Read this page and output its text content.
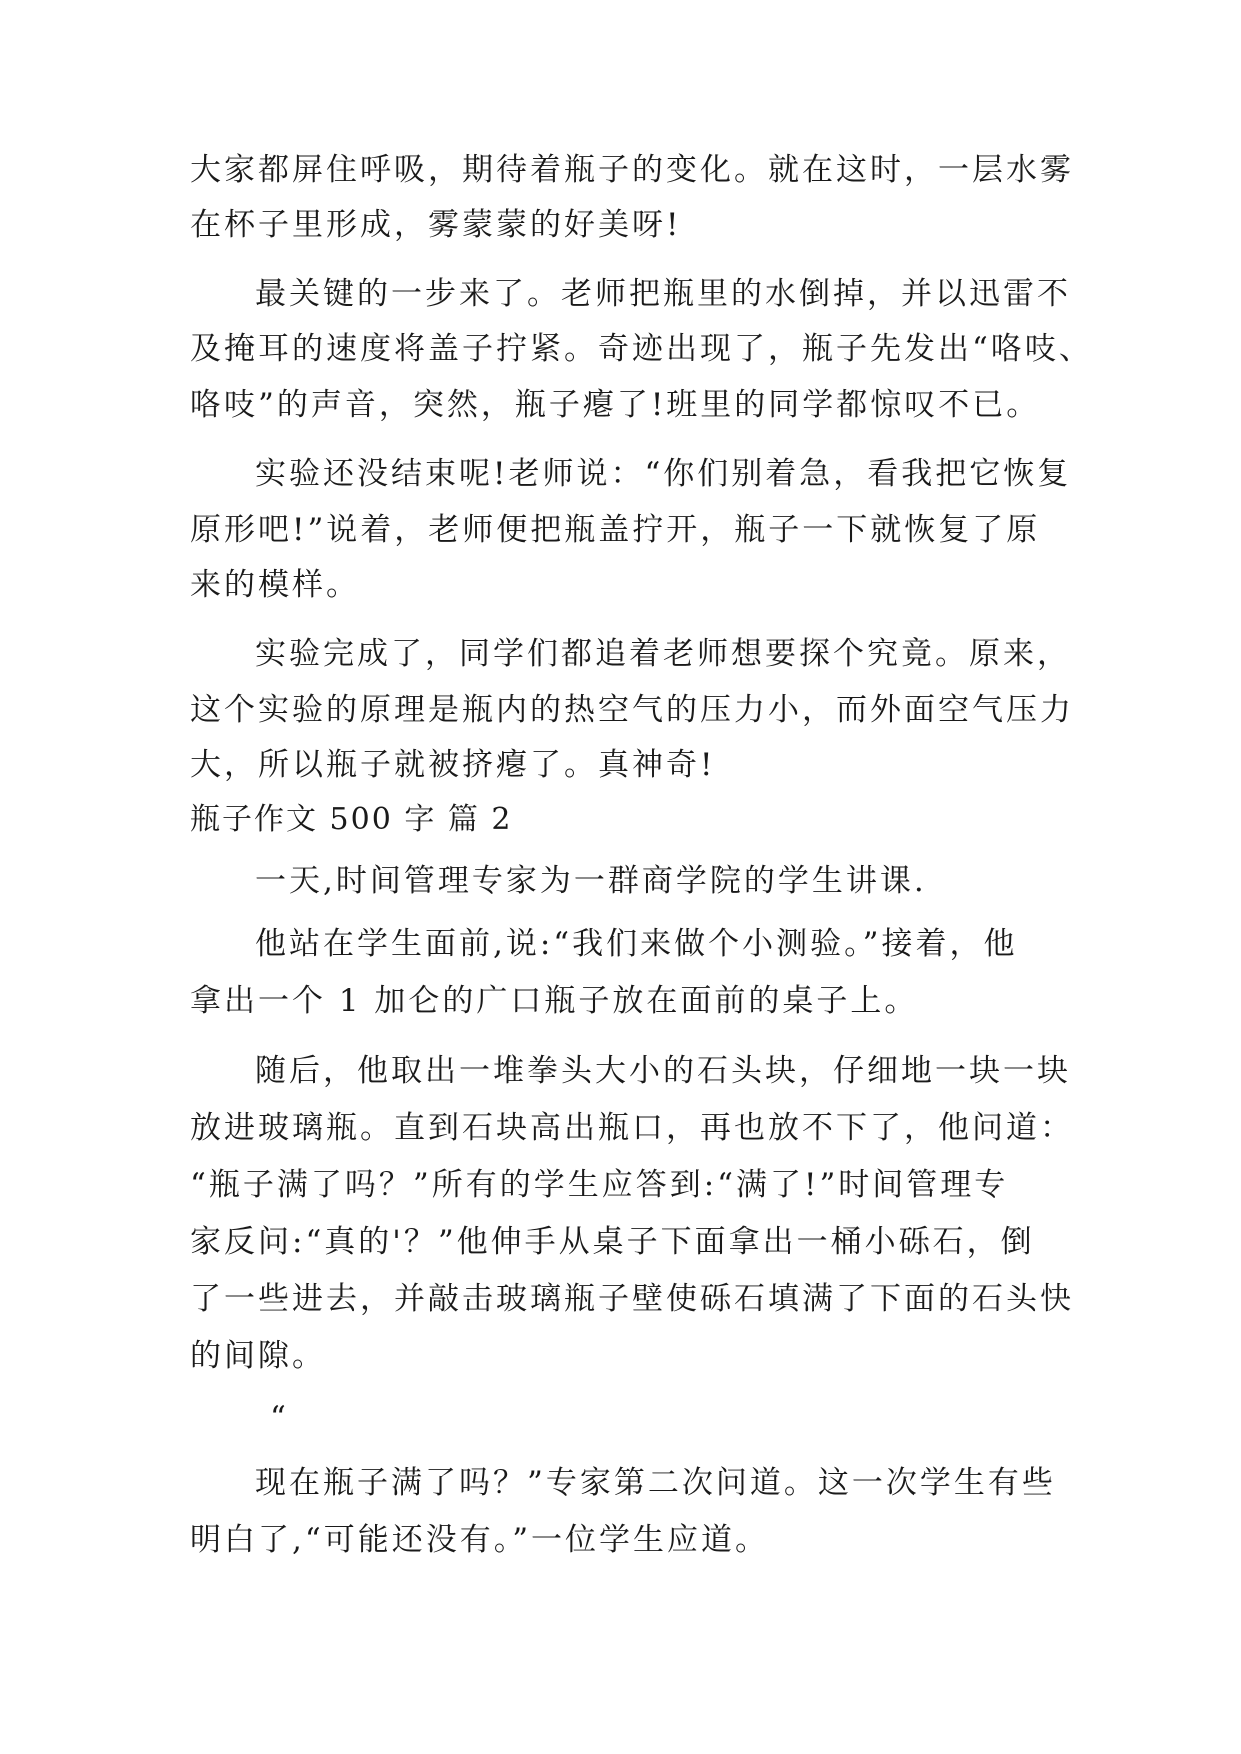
大家都屏住呼吸，期待着瓶子的变化。就在这时，一层水雾
在杯子里形成，雾蒙蒙的好美呀!
最关键的一步来了。老师把瓶里的水倒掉，并以迅雷不
及掩耳的速度将盖子拧紧。奇迹出现了，瓶子先发出“咯吱、
咯吱”的声音，突然，瓶子瘪了!班里的同学都惊叹不已。
实验还没结束呢!老师说：“你们别着急，看我把它恢复
原形吧!”说着，老师便把瓶盖拧开，瓶子一下就恢复了原
来的模样。
实验完成了，同学们都追着老师想要探个究竟。原来，
这个实验的原理是瓶内的热空气的压力小，而外面空气压力
大，所以瓶子就被挤瘪了。真神奇!
瓶子作文 500 字 篇 2
一天,时间管理专家为一群商学院的学生讲课.
他站在学生面前,说:“我们来做个小测验。”接着，他
拿出一个 1 加仑的广口瓶子放在面前的桌子上。
随后，他取出一堆拳头大小的石头块，仔细地一块一块
放进玻璃瓶。直到石块高出瓶口，再也放不下了，他问道：
“瓶子满了吗？”所有的学生应答到:“满了!”时间管理专
家反问:“真的'？”他伸手从桌子下面拿出一桶小砾石，倒
了一些进去，并敲击玻璃瓶子壁使砾石填满了下面的石头快
的间隙。
“
现在瓶子满了吗？”专家第二次问道。这一次学生有些
明白了,“可能还没有。”一位学生应道。
